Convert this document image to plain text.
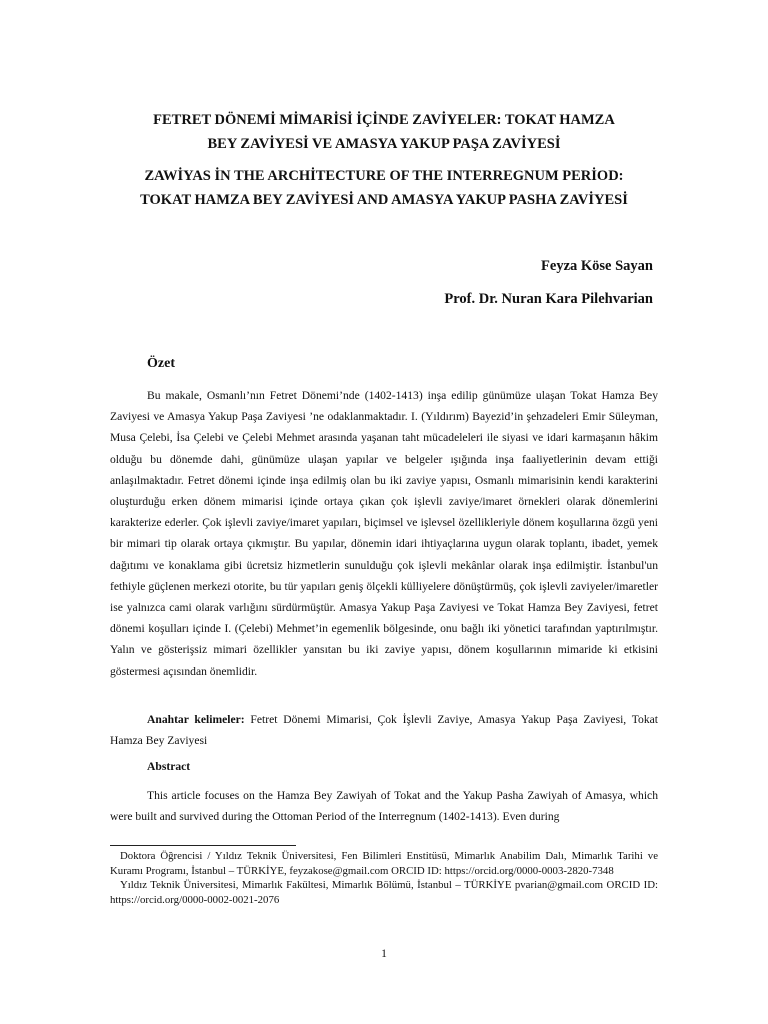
FETRET DÖNEMİ MİMARİSİ İÇİNDE ZAVİYELER: TOKAT HAMZA
BEY ZAVİYESİ VE AMASYA YAKUP PAŞA ZAVİYESİ
ZAWİYAS İN THE ARCHİTECTURE OF THE INTERREGNUM PERİOD:
TOKAT HAMZA BEY ZAVİYESİ AND AMASYA YAKUP PASHA ZAVİYESİ
Feyza Köse Sayan
Prof. Dr. Nuran Kara Pilehvarian
Özet

Bu makale, Osmanlı’nın Fetret Dönemi’nde (1402-1413) inşa edilip günümüze ulaşan Tokat Hamza Bey Zaviyesi ve Amasya Yakup Paşa Zaviyesi ’ne odaklanmaktadır. I. (Yıldırım) Bayezid’in şehzadeleri Emir Süleyman, Musa Çelebi, İsa Çelebi ve Çelebi Mehmet arasında yaşanan taht mücadeleleri ile siyasi ve idari karmaşanın hâkim olduğu bu dönemde dahi, günümüze ulaşan yapılar ve belgeler ışığında inşa faaliyetlerinin devam ettiği anlaşılmaktadır. Fetret dönemi içinde inşa edilmiş olan bu iki zaviye yapısı, Osmanlı mimarisinin kendi karakterini oluşturduğu erken dönem mimarisi içinde ortaya çıkan çok işlevli zaviye/imaret örnekleri olarak dönemlerini karakterize ederler. Çok işlevli zaviye/imaret yapıları, biçimsel ve işlevsel özellikleriyle dönem koşullarına özgü yeni bir mimari tip olarak ortaya çıkmıştır. Bu yapılar, dönemin idari ihtiyaçlarına uygun olarak toplantı, ibadet, yemek dağıtımı ve konaklama gibi ücretsiz hizmetlerin sunulduğu çok işlevli mekânlar olarak inşa edilmiştir. İstanbul'un fethiyle güçlenen merkezi otorite, bu tür yapıları geniş ölçekli külliyelere dönüştürmüş, çok işlevli zaviyeler/imaretler ise yalnızca cami olarak varlığını sürdürmüştür. Amasya Yakup Paşa Zaviyesi ve Tokat Hamza Bey Zaviyesi, fetret dönemi koşulları içinde I. (Çelebi) Mehmet’in egemenlik bölgesinde, onu bağlı iki yönetici tarafından yaptırılmıştır. Yalın ve gösterişsiz mimari özellikler yansıtan bu iki zaviye yapısı, dönem koşullarının mimaride ki etkisini göstermesi açısından önemlidir.

Anahtar kelimeler: Fetret Dönemi Mimarisi, Çok İşlevli Zaviye, Amasya Yakup Paşa Zaviyesi, Tokat Hamza Bey Zaviyesi

Abstract

This article focuses on the Hamza Bey Zawiyah of Tokat and the Yakup Pasha Zawiyah of Amasya, which were built and survived during the Ottoman Period of the Interregnum (1402-1413). Even during

Doktora Öğrencisi / Yıldız Teknik Üniversitesi, Fen Bilimleri Enstitüsü, Mimarlık Anabilim Dalı, Mimarlık Tarihi ve Kuramı Programı, İstanbul – TÜRKİYE, feyzakose@gmail.com ORCID ID: https://orcid.org/0000-0003-2820-7348

Yıldız Teknik Üniversitesi, Mimarlık Fakültesi, Mimarlık Bölümü, İstanbul – TÜRKİYE pvarian@gmail.com ORCID ID: https://orcid.org/0000-0002-0021-2076

1
